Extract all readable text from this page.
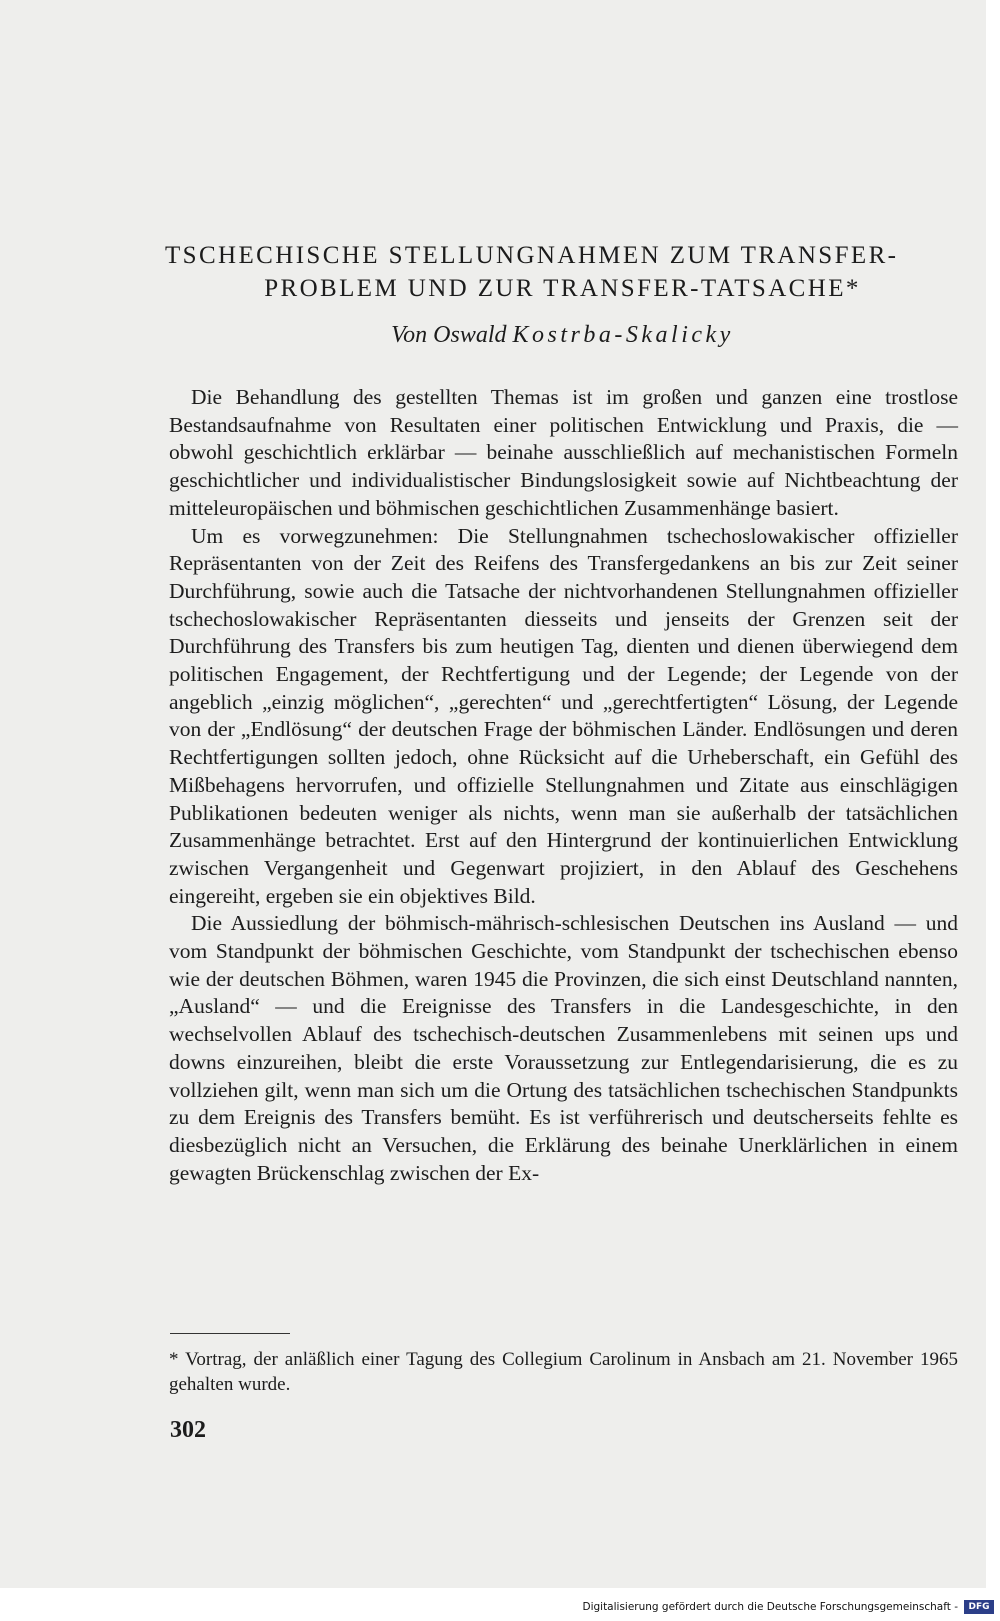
TSCHECHISCHE STELLUNGNAHMEN ZUM TRANSFER-
PROBLEM UND ZUR TRANSFER-TATSACHE*
Von Oswald Kostrba-Skalicky

Die Behandlung des gestellten Themas ist im großen und ganzen eine trostlose Bestandsaufnahme von Resultaten einer politischen Entwicklung und Praxis, die — obwohl geschichtlich erklärbar — beinahe ausschließlich auf mechanistischen Formeln geschichtlicher und individualistischer Bindungslosigkeit sowie auf Nichtbeachtung der mitteleuropäischen und böhmischen geschichtlichen Zusammenhänge basiert.

Um es vorwegzunehmen: Die Stellungnahmen tschechoslowakischer offizieller Repräsentanten von der Zeit des Reifens des Transfergedankens an bis zur Zeit seiner Durchführung, sowie auch die Tatsache der nichtvorhandenen Stellungnahmen offizieller tschechoslowakischer Repräsentanten diesseits und jenseits der Grenzen seit der Durchführung des Transfers bis zum heutigen Tag, dienten und dienen überwiegend dem politischen Engagement, der Rechtfertigung und der Legende; der Legende von der angeblich „einzig möglichen“, „gerechten“ und „gerechtfertigten“ Lösung, der Legende von der „Endlösung“ der deutschen Frage der böhmischen Länder. Endlösungen und deren Rechtfertigungen sollten jedoch, ohne Rücksicht auf die Urheberschaft, ein Gefühl des Mißbehagens hervorrufen, und offizielle Stellungnahmen und Zitate aus einschlägigen Publikationen bedeuten weniger als nichts, wenn man sie außerhalb der tatsächlichen Zusammenhänge betrachtet. Erst auf den Hintergrund der kontinuierlichen Entwicklung zwischen Vergangenheit und Gegenwart projiziert, in den Ablauf des Geschehens eingereiht, ergeben sie ein objektives Bild.

Die Aussiedlung der böhmisch-mährisch-schlesischen Deutschen ins Ausland — und vom Standpunkt der böhmischen Geschichte, vom Standpunkt der tschechischen ebenso wie der deutschen Böhmen, waren 1945 die Provinzen, die sich einst Deutschland nannten, „Ausland“ — und die Ereignisse des Transfers in die Landesgeschichte, in den wechselvollen Ablauf des tschechisch-deutschen Zusammenlebens mit seinen ups und downs einzureihen, bleibt die erste Voraussetzung zur Entlegendarisierung, die es zu vollziehen gilt, wenn man sich um die Ortung des tatsächlichen tschechischen Standpunkts zu dem Ereignis des Transfers bemüht. Es ist verführerisch und deutscherseits fehlte es diesbezüglich nicht an Versuchen, die Erklärung des beinahe Unerklärlichen in einem gewagten Brückenschlag zwischen der Ex-

* Vortrag, der anläßlich einer Tagung des Collegium Carolinum in Ansbach am 21. November 1965 gehalten wurde.
302
Digitalisierung gefördert durch die Deutsche Forschungsgemeinschaft -	DFG
